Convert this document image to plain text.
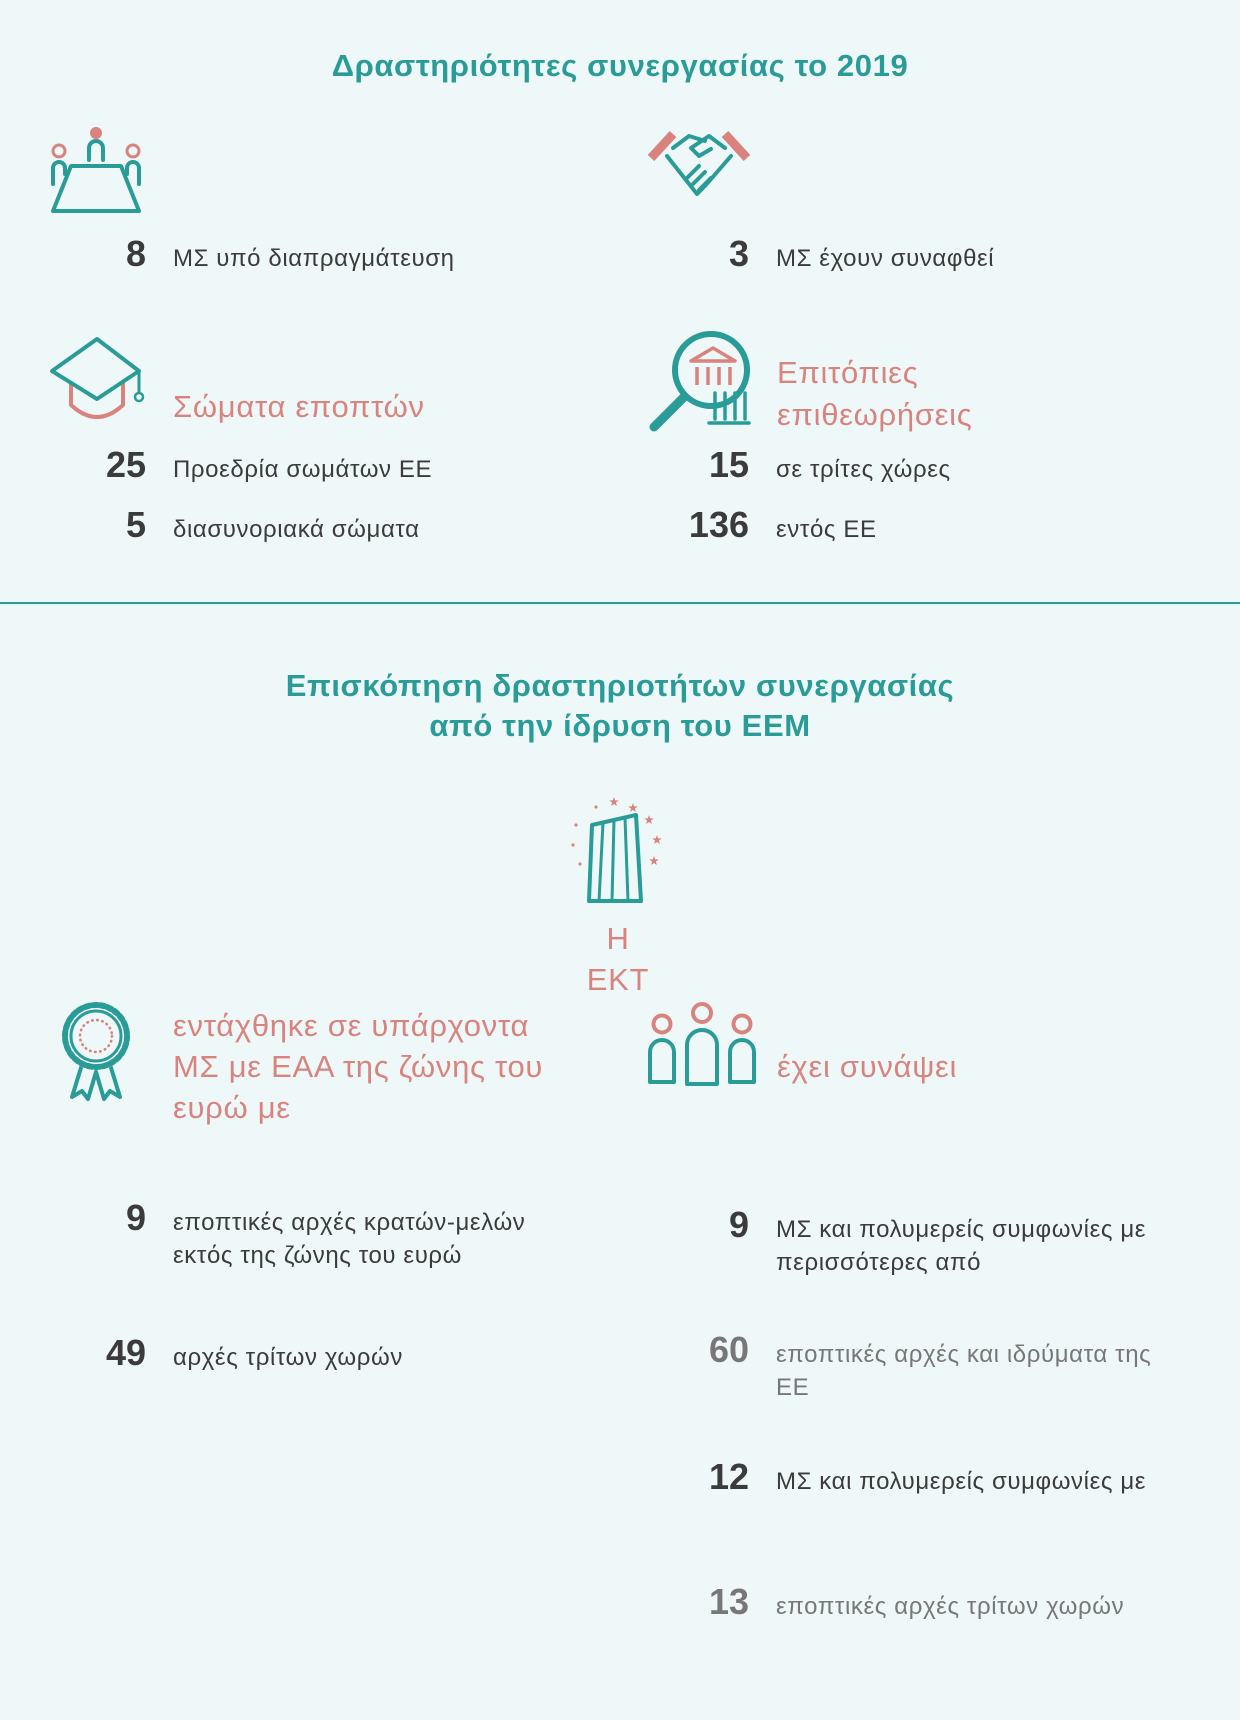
Δραστηριότητες συνεργασίας το 2019
8 ΜΣ υπό διαπραγμάτευση	3 ΜΣ έχουν συναφθεί
Σώματα εποπτών
Επιτόπιες
επιθεωρήσεις
25 Προεδρία σωμάτων ΕΕ
5 διασυνοριακά σώματα
15 σε τρίτες χώρες
136 εντός ΕΕ
Επισκόπηση δραστηριοτήτων συνεργασίας
από την ίδρυση του ΕΕΜ
Η
ΕΚΤ
εντάχθηκε σε υπάρχοντα
ΜΣ με ΕΑΑ της ζώνης του
ευρώ με
έχει συνάψει
9 εποπτικές αρχές κρατών-μελών
εκτός της ζώνης του ευρώ
49 αρχές τρίτων χωρών
9 ΜΣ και πολυμερείς συμφωνίες με
περισσότερες από
60 εποπτικές αρχές και ιδρύματα της
ΕΕ
12 ΜΣ και πολυμερείς συμφωνίες με
13 εποπτικές αρχές τρίτων χωρών
